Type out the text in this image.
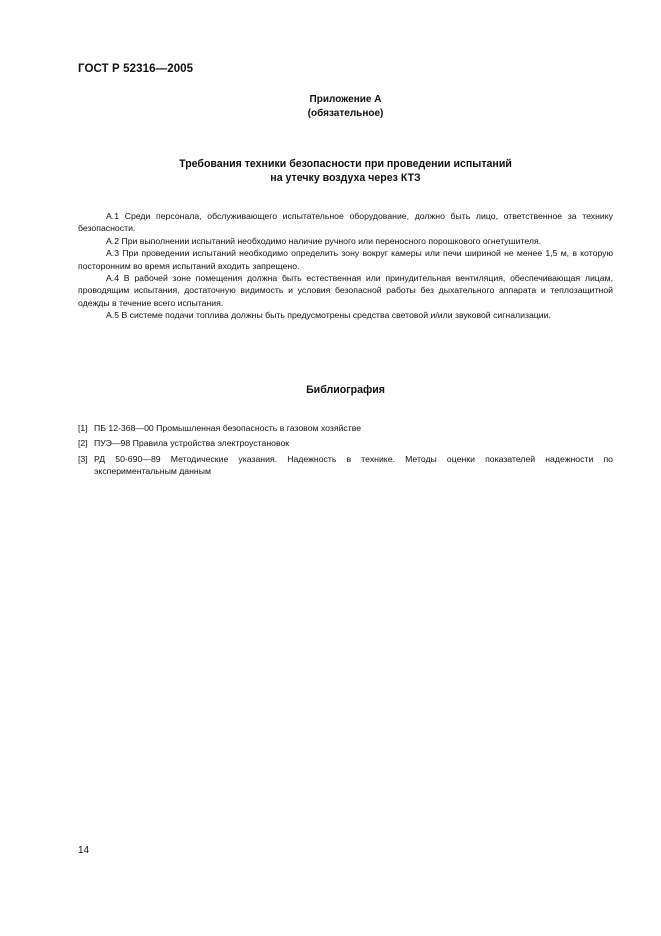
ГОСТ Р 52316—2005
Приложение А
(обязательное)
Требования техники безопасности при проведении испытаний
на утечку воздуха через КТЗ

А.1 Среди персонала, обслуживающего испытательное оборудование, должно быть лицо, ответственное за технику безопасности.

А.2 При выполнении испытаний необходимо наличие ручного или переносного порошкового огнетушителя.

А.3 При проведении испытаний необходимо определить зону вокруг камеры или печи шириной не менее 1,5 м, в которую посторонним во время испытаний входить запрещено.

А.4 В рабочей зоне помещения должна быть естественная или принудительная вентиляция, обеспечивающая лицам, проводящим испытания, достаточную видимость и условия безопасной работы без дыхательного аппарата и теплозащитной одежды в течение всего испытания.

А.5 В системе подачи топлива должны быть предусмотрены средства световой и/или звуковой сигнализации.

Библиография
[1] ПБ 12-368—00 Промышленная безопасность в газовом хозяйстве
[2] ПУЭ—98 Правила устройства электроустановок
[3] РД 50-690—89 Методические указания. Надежность в технике. Методы оценки показателей надежности по экспериментальным данным
14
